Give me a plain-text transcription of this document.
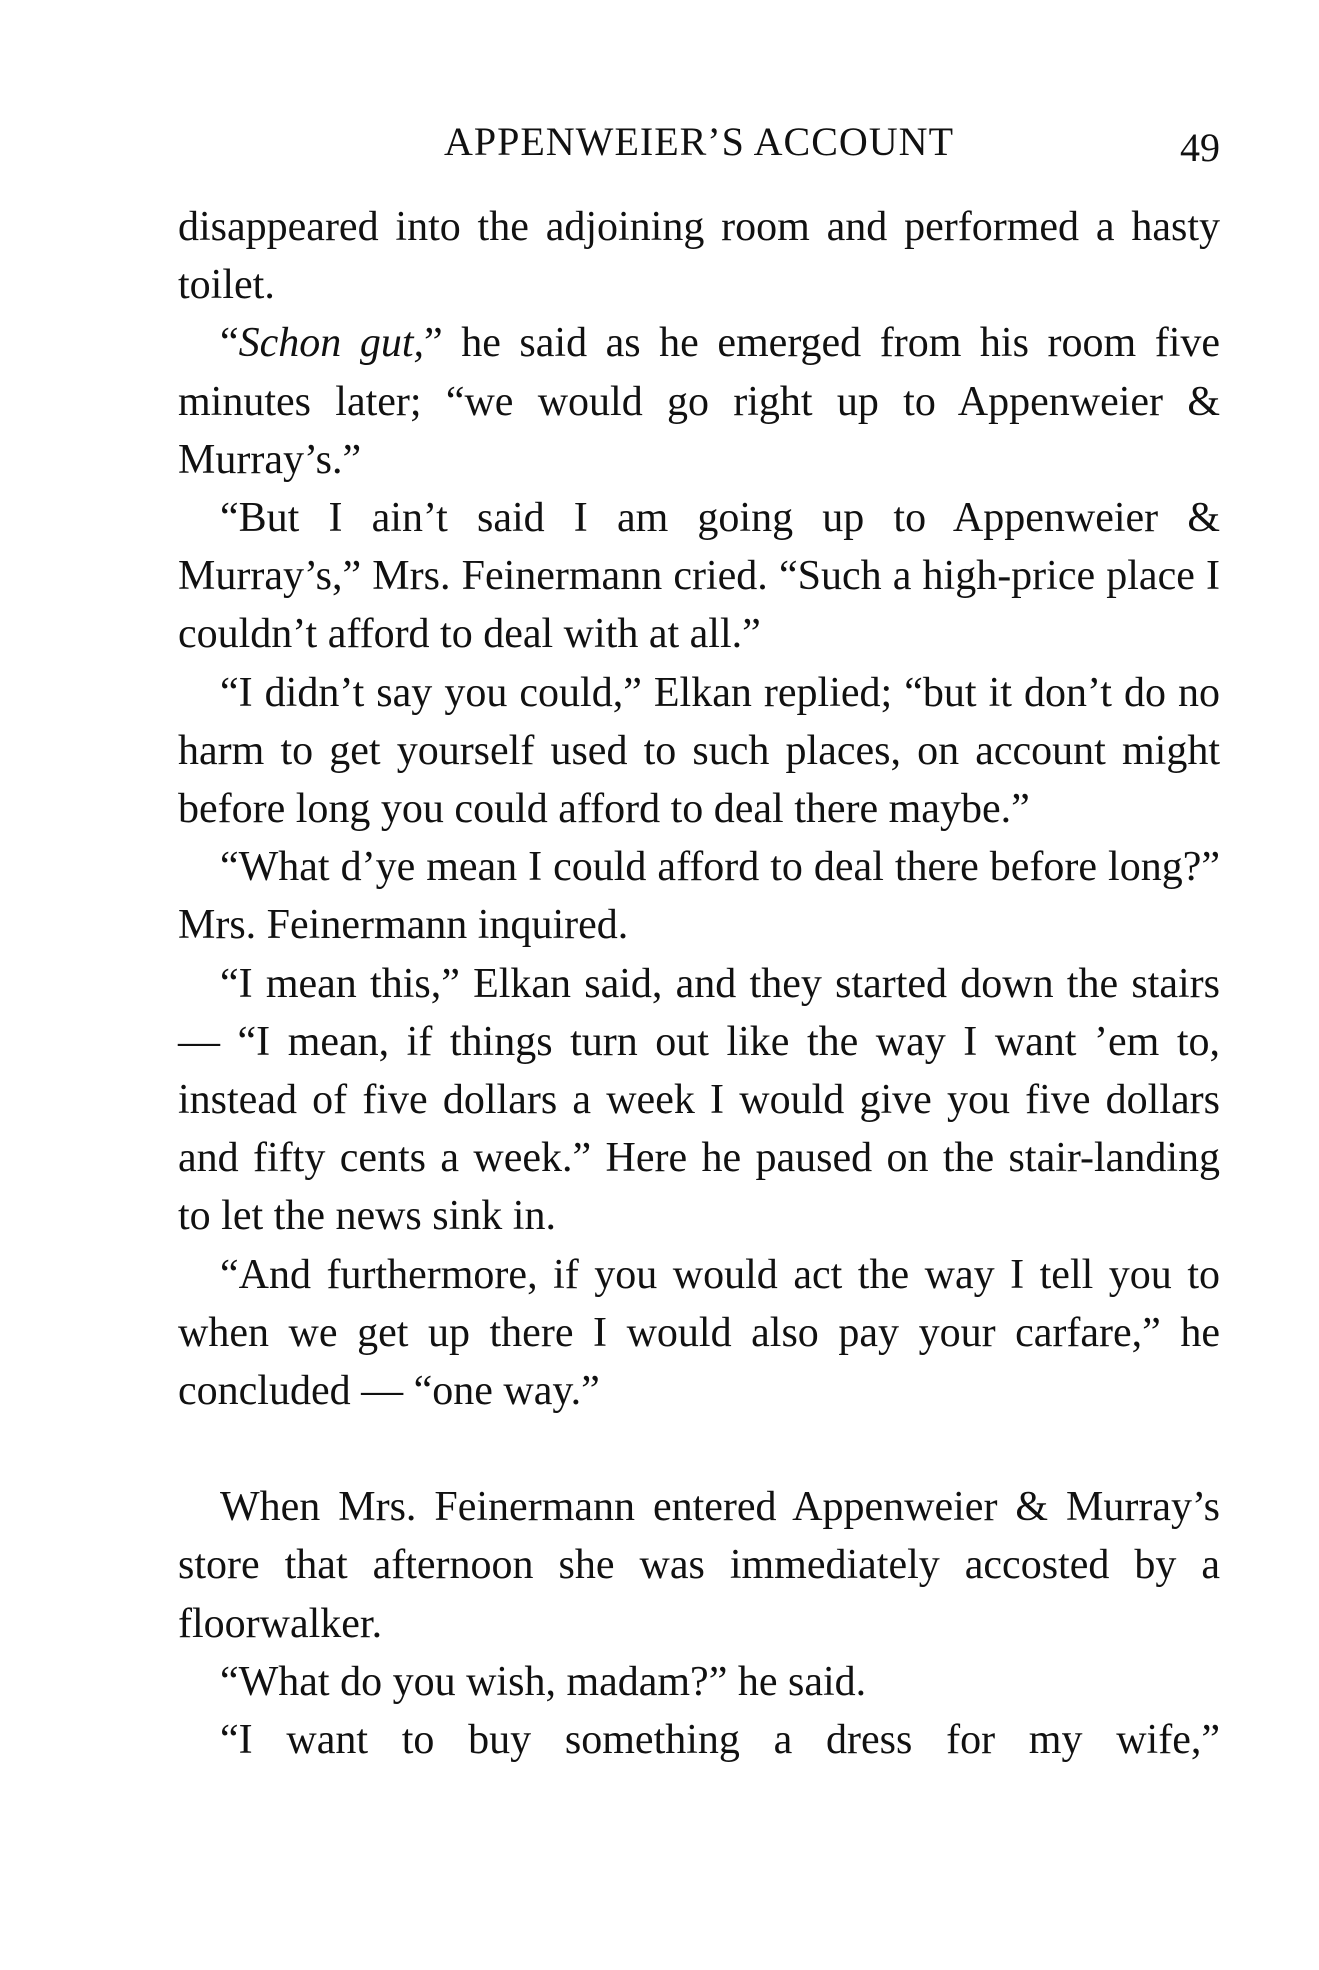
APPENWEIER’S ACCOUNT	49

disappeared into the adjoining room and performed a hasty toilet.

“Schon gut,” he said as he emerged from his room five minutes later; “we would go right up to Appenweier & Murray’s.”

“But I ain’t said I am going up to Appenweier & Murray’s,” Mrs. Feinermann cried. “Such a high-price place I couldn’t afford to deal with at all.”

“I didn’t say you could,” Elkan replied; “but it don’t do no harm to get yourself used to such places, on account might before long you could afford to deal there maybe.”

“What d’ye mean I could afford to deal there before long?” Mrs. Feinermann inquired.

“I mean this,” Elkan said, and they started down the stairs — “I mean, if things turn out like the way I want ’em to, instead of five dollars a week I would give you five dollars and fifty cents a week.” Here he paused on the stair-landing to let the news sink in.

“And furthermore, if you would act the way I tell you to when we get up there I would also pay your carfare,” he concluded — “one way.”

When Mrs. Feinermann entered Appenweier & Murray’s store that afternoon she was immediately accosted by a floorwalker.

“What do you wish, madam?” he said.

“I want to buy something a dress for my wife,”
